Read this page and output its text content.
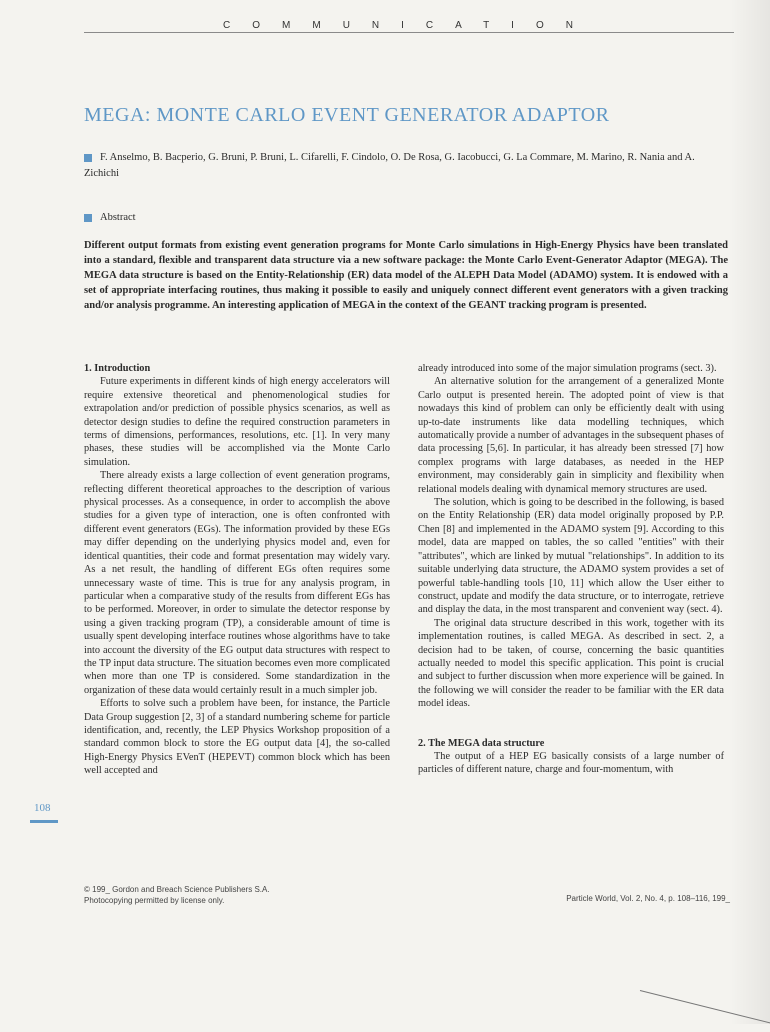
COMMUNICATION
MEGA: MONTE CARLO EVENT GENERATOR ADAPTOR
F. Anselmo, B. Bacperio, G. Bruni, P. Bruni, L. Cifarelli, F. Cindolo, O. De Rosa, G. Iacobucci, G. La Commare, M. Marino, R. Nania and A. Zichichi
Abstract
Different output formats from existing event generation programs for Monte Carlo simulations in High-Energy Physics have been translated into a standard, flexible and transparent data structure via a new software package: the Monte Carlo Event-Generator Adaptor (MEGA). The MEGA data structure is based on the Entity-Relationship (ER) data model of the ALEPH Data Model (ADAMO) system. It is endowed with a set of appropriate interfacing routines, thus making it possible to easily and uniquely connect different event generators with a given tracking and/or analysis programme. An interesting application of MEGA in the context of the GEANT tracking program is presented.

1. Introduction

Future experiments in different kinds of high energy accelerators will require extensive theoretical and phenomenological studies for extrapolation and/or prediction of possible physics scenarios, as well as detector design studies to define the required construction parameters in terms of dimensions, performances, resolutions, etc. [1]. In very many phases, these studies will be accomplished via the Monte Carlo simulation.

There already exists a large collection of event generation programs, reflecting different theoretical approaches to the description of various physical processes. As a consequence, in order to accomplish the above studies for a given type of interaction, one is often confronted with different event generators (EGs). The information provided by these EGs may differ depending on the underlying physics model and, even for identical quantities, their code and format presentation may widely vary. As a net result, the handling of different EGs often requires some unnecessary waste of time. This is true for any analysis program, in particular when a comparative study of the results from different EGs has to be performed. Moreover, in order to simulate the detector response by using a given tracking program (TP), a considerable amount of time is usually spent developing interface routines whose algorithms have to take into account the diversity of the EG output data structures with respect to the TP input data structure. The situation becomes even more complicated when more than one TP is considered. Some standardization in the organization of these data would certainly result in a much simpler job.

Efforts to solve such a problem have been, for instance, the Particle Data Group suggestion [2, 3] of a standard numbering scheme for particle identification, and, recently, the LEP Physics Workshop proposition of a standard common block to store the EG output data [4], the so-called High-Energy Physics EVenT (HEPEVT) common block which has been well accepted and

already introduced into some of the major simulation programs (sect. 3).

An alternative solution for the arrangement of a generalized Monte Carlo output is presented herein. The adopted point of view is that nowadays this kind of problem can only be efficiently dealt with using up-to-date instruments like data modelling techniques, which automatically provide a number of advantages in the subsequent phases of data processing [5,6]. In particular, it has already been stressed [7] how complex programs with large databases, as needed in the HEP environment, may considerably gain in simplicity and flexibility when relational models dealing with dynamical memory structures are used.

The solution, which is going to be described in the following, is based on the Entity Relationship (ER) data model originally proposed by P.P. Chen [8] and implemented in the ADAMO system [9]. According to this model, data are mapped on tables, the so called "entities" with their "attributes", which are linked by mutual "relationships". In addition to its suitable underlying data structure, the ADAMO system provides a set of powerful table-handling tools [10, 11] which allow the User either to construct, update and modify the data structure, or to interrogate, retrieve and display the data, in the most transparent and convenient way (sect. 4).

The original data structure described in this work, together with its implementation routines, is called MEGA. As described in sect. 2, a decision had to be taken, of course, concerning the basic quantities actually needed to model this specific application. This point is crucial and subject to further discussion when more experience will be gained. In the following we will consider the reader to be familiar with the ER data model ideas.

2. The MEGA data structure

The output of a HEP EG basically consists of a large number of particles of different nature, charge and four-momentum, with

108
© 199_ Gordon and Breach Science Publishers S.A.
Photocopying permitted by license only.	Particle World, Vol. 2, No. 4, p. 108–116, 199_
